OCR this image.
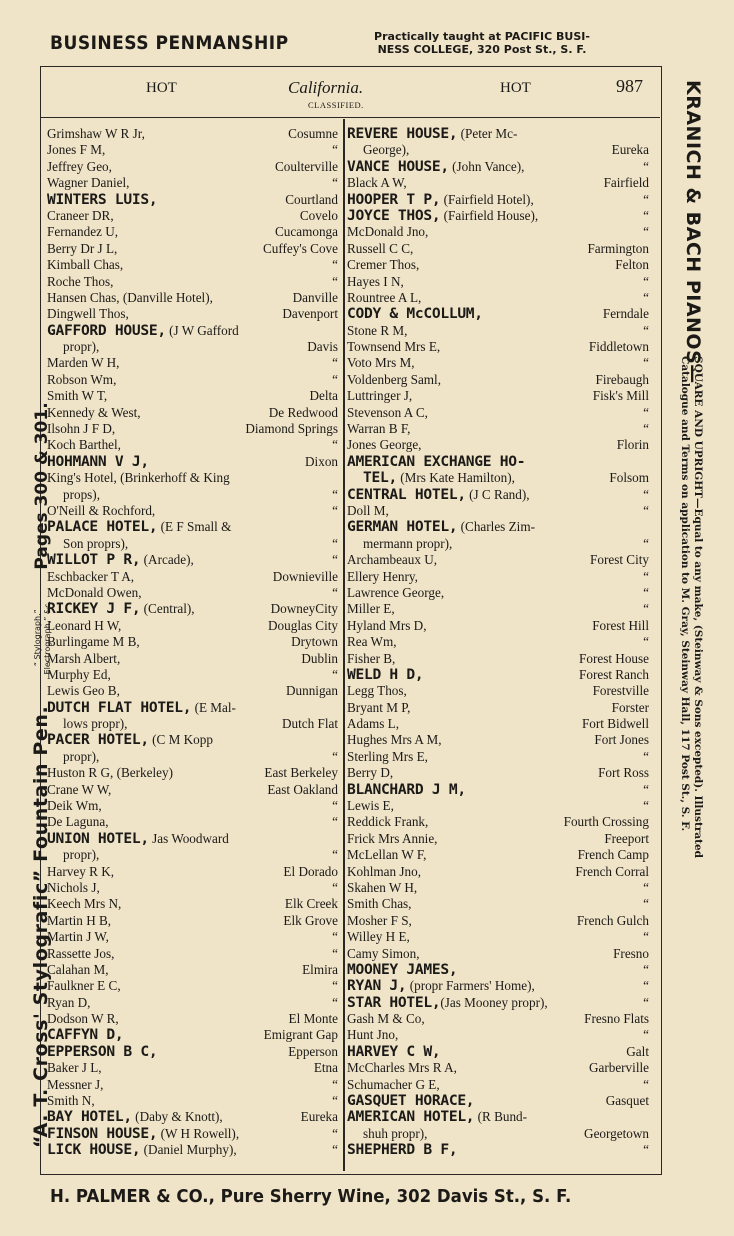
BUSINESS PENMANSHIP	Practically taught at PACIFIC BUSI-
NESS COLLEGE, 320 Post St., S. F.
HOT	California.	HOT	987
CLASSIFIED.
Grimshaw W R Jr,	Cosumne
Jones F M,	“
Jeffrey Geo,	Coulterville
Wagner Daniel,	“
WINTERS LUIS,	Courtland
Craneer DR,	Covelo
Fernandez U,	Cucamonga
Berry Dr J L,	Cuffey's Cove
Kimball Chas,	“
Roche Thos,	“
Hansen Chas, (Danville Hotel),	Danville
Dingwell Thos,	Davenport
GAFFORD HOUSE, (J W Gafford
propr),	Davis
Marden W H,	“
Robson Wm,	“
Smith W T,	Delta
Kennedy & West,	De Redwood
Ilsohn J F D,	Diamond Springs
Koch Barthel,	“
HOHMANN V J,	Dixon
King's Hotel, (Brinkerhoff & King
props),	“
O'Neill & Rochford,	“
PALACE HOTEL, (E F Small &
Son proprs),	“
WILLOT P R, (Arcade),	“
Eschbacker T A,	Downieville
McDonald Owen,	“
RICKEY J F, (Central),	DowneyCity
Leonard H W,	Douglas City
Burlingame M B,	Drytown
Marsh Albert,	Dublin
Murphy Ed,	“
Lewis Geo B,	Dunnigan
DUTCH FLAT HOTEL, (E Mal-
lows propr),	Dutch Flat
PACER HOTEL, (C M Kopp
propr),	“
Huston R G, (Berkeley)	East Berkeley
Crane W W,	East Oakland
Deik Wm,	“
De Laguna,	“
UNION HOTEL, Jas Woodward
propr),	“
Harvey R K,	El Dorado
Nichols J,	“
Keech Mrs N,	Elk Creek
Martin H B,	Elk Grove
Martin J W,	“
Rassette Jos,	“
Calahan M,	Elmira
Faulkner E C,	“
Ryan D,	“
Dodson W R,	El Monte
CAFFYN D,	Emigrant Gap
EPPERSON B C,	Epperson
Baker J L,	Etna
Messner J,	“
Smith N,	“
BAY HOTEL, (Daby & Knott),	Eureka
FINSON HOUSE, (W H Rowell),	“
LICK HOUSE, (Daniel Murphy),	“
REVERE HOUSE, (Peter Mc-
George),	Eureka
VANCE HOUSE, (John Vance),	“
Black A W,	Fairfield
HOOPER T P, (Fairfield Hotel),	“
JOYCE THOS, (Fairfield House),	“
McDonald Jno,	“
Russell C C,	Farmington
Cremer Thos,	Felton
Hayes I N,	“
Rountree A L,	“
CODY & McCOLLUM,	Ferndale
Stone R M,	“
Townsend Mrs E,	Fiddletown
Voto Mrs M,	“
Voldenberg Saml,	Firebaugh
Luttringer J,	Fisk's Mill
Stevenson A C,	“
Warran B F,	“
Jones George,	Florin
AMERICAN EXCHANGE HO-
TEL, (Mrs Kate Hamilton),	Folsom
CENTRAL HOTEL, (J C Rand),	“
Doll M,	“
GERMAN HOTEL, (Charles Zim-
mermann propr),	“
Archambeaux U,	Forest City
Ellery Henry,	“
Lawrence George,	“
Miller E,	“
Hyland Mrs D,	Forest Hill
Rea Wm,	“
Fisher B,	Forest House
WELD H D,	Forest Ranch
Legg Thos,	Forestville
Bryant M P,	Forster
Adams L,	Fort Bidwell
Hughes Mrs A M,	Fort Jones
Sterling Mrs E,	“
Berry D,	Fort Ross
BLANCHARD J M,	“
Lewis E,	“
Reddick Frank,	Fourth Crossing
Frick Mrs Annie,	Freeport
McLellan W F,	French Camp
Kohlman Jno,	French Corral
Skahen W H,	“
Smith Chas,	“
Mosher F S,	French Gulch
Willey H E,	“
Camy Simon,	Fresno
MOONEY JAMES,	“
RYAN J, (propr Farmers' Home),	“
STAR HOTEL,(Jas Mooney propr),	“
Gash M & Co,	Fresno Flats
Hunt Jno,	“
HARVEY C W,	Galt
McCharles Mrs R A,	Garberville
Schumacher G E,	“
GASQUET HORACE,	Gasquet
AMERICAN HOTEL, (R Bund-
shuh propr),	Georgetown
SHEPHERD B F,	“
“A. T. Cross' Stylografic” Fountain Pen.“ Stylograph,”
Electrograph,” &c.Pages 300 & 301.
KRANICH & BACH PIANOS—
SQUARE AND UPRIGHT—Equal to any make, (Steinway & Sons excepted). Illustrated
Catalogue and Terms on application to M. Gray, Steinway Hall, 117 Post St., S. F.
H. PALMER & CO., Pure Sherry Wine, 302 Davis St., S. F.
